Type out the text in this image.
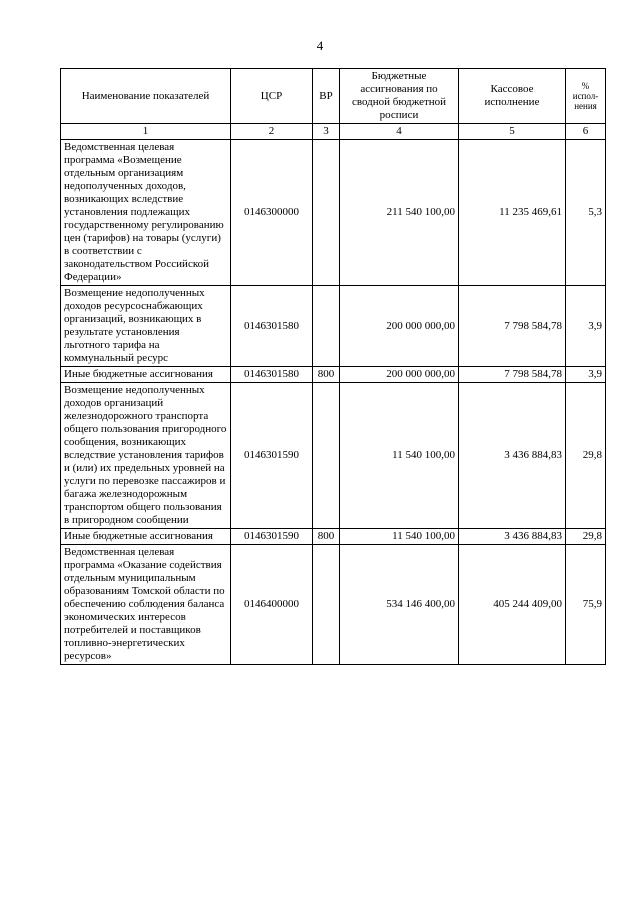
4
Наименование показателей	ЦСР	ВР	Бюджетные ассигнования по сводной бюджетной росписи	Кассовое исполнение	% испол-нения
1	2	3	4	5	6
Ведомственная целевая программа «Возмещение отдельным организациям недополученных доходов, возникающих вследствие установления подлежащих государственному регулированию цен (тарифов) на товары (услуги) в соответствии с законодательством Российской Федерации»	0146300000		211 540 100,00	11 235 469,61	5,3
Возмещение недополученных доходов ресурсоснабжающих организаций, возникающих в результате установления льготного тарифа на коммунальный ресурс	0146301580		200 000 000,00	7 798 584,78	3,9
Иные бюджетные ассигнования	0146301580	800	200 000 000,00	7 798 584,78	3,9
Возмещение недополученных доходов организаций железнодорожного транспорта общего пользования пригородного сообщения, возникающих вследствие установления тарифов и (или) их предельных уровней на услуги по перевозке пассажиров и багажа железнодорожным транспортом общего пользования в пригородном сообщении	0146301590		11 540 100,00	3 436 884,83	29,8
Иные бюджетные ассигнования	0146301590	800	11 540 100,00	3 436 884,83	29,8
Ведомственная целевая программа «Оказание содействия отдельным муниципальным образованиям Томской области по обеспечению соблюдения баланса экономических интересов потребителей и поставщиков топливно-энергетических ресурсов»	0146400000		534 146 400,00	405 244 409,00	75,9
